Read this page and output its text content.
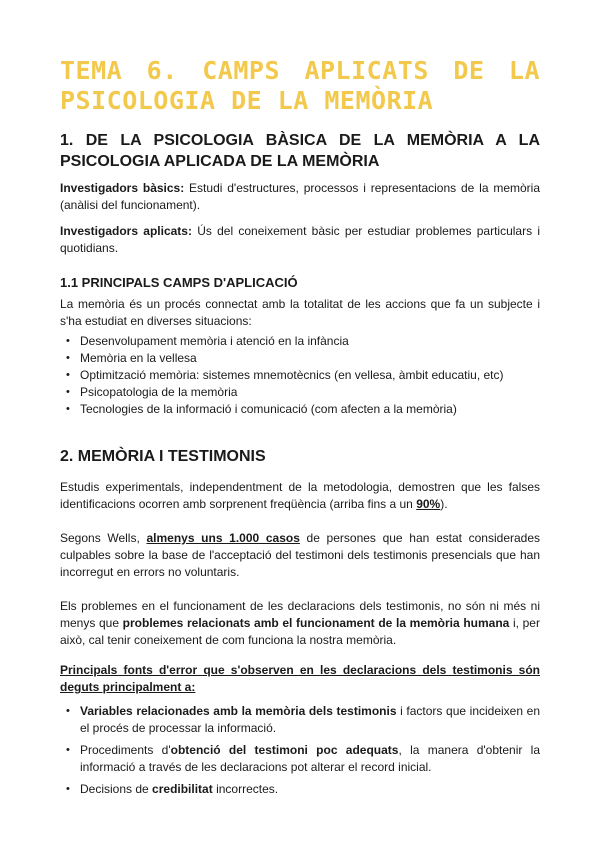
TEMA 6. CAMPS APLICATS DE LA PSICOLOGIA DE LA MEMÒRIA
1. DE LA PSICOLOGIA BÀSICA DE LA MEMÒRIA A LA PSICOLOGIA APLICADA DE LA MEMÒRIA

Investigadors bàsics: Estudi d'estructures, processos i representacions de la memòria (anàlisi del funcionament).

Investigadors aplicats: Ús del coneixement bàsic per estudiar problemes particulars i quotidians.

1.1 PRINCIPALS CAMPS D'APLICACIÓ

La memòria és un procés connectat amb la totalitat de les accions que fa un subjecte i s'ha estudiat en diverses situacions:

• Desenvolupament memòria i atenció en la infància
• Memòria en la vellesa
• Optimització memòria: sistemes mnemotècnics (en vellesa, àmbit educatiu, etc)
• Psicopatologia de la memòria
• Tecnologies de la informació i comunicació (com afecten a la memòria)
2. MEMÒRIA I TESTIMONIS

Estudis experimentals, independentment de la metodologia, demostren que les falses identificacions ocorren amb sorprenent freqüència (arriba fins a un 90%).

Segons Wells, almenys uns 1.000 casos de persones que han estat considerades culpables sobre la base de l'acceptació del testimoni dels testimonis presencials que han incorregut en errors no voluntaris.

Els problemes en el funcionament de les declaracions dels testimonis, no són ni més ni menys que problemes relacionats amb el funcionament de la memòria humana i, per això, cal tenir coneixement de com funciona la nostra memòria.

Principals fonts d'error que s'observen en les declaracions dels testimonis són deguts principalment a:

• Variables relacionades amb la memòria dels testimonis i factors que incideixen en el procés de processar la informació.
• Procediments d'obtenció del testimoni poc adequats, la manera d'obtenir la informació a través de les declaracions pot alterar el record inicial.
• Decisions de credibilitat incorrectes.
